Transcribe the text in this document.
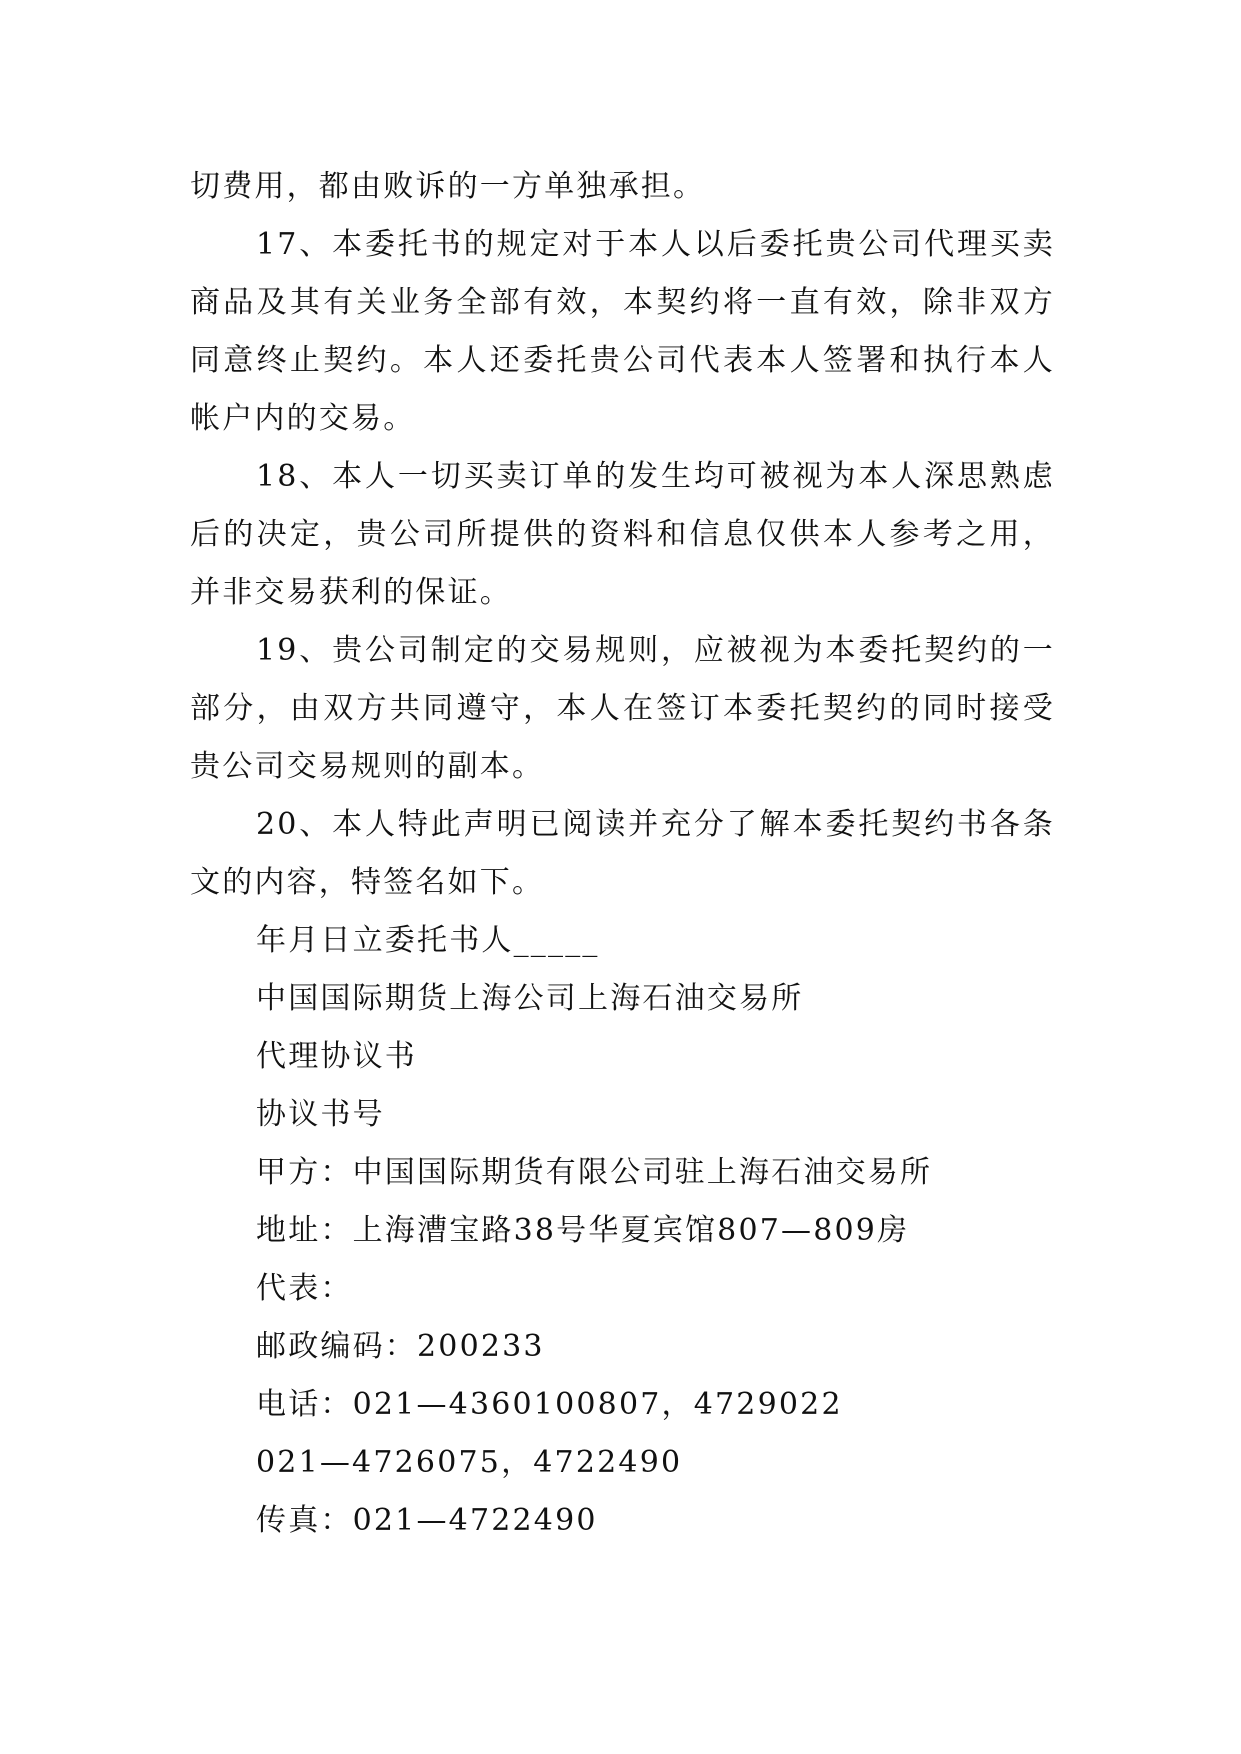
切费用，都由败诉的一方单独承担。

17、本委托书的规定对于本人以后委托贵公司代理买卖商品及其有关业务全部有效，本契约将一直有效，除非双方同意终止契约。本人还委托贵公司代表本人签署和执行本人帐户内的交易。

18、本人一切买卖订单的发生均可被视为本人深思熟虑后的决定，贵公司所提供的资料和信息仅供本人参考之用，并非交易获利的保证。

19、贵公司制定的交易规则，应被视为本委托契约的一部分，由双方共同遵守，本人在签订本委托契约的同时接受贵公司交易规则的副本。

20、本人特此声明已阅读并充分了解本委托契约书各条文的内容，特签名如下。

年月日立委托书人_____

中国国际期货上海公司上海石油交易所

代理协议书

协议书号

甲方：中国国际期货有限公司驻上海石油交易所

地址：上海漕宝路38号华夏宾馆807—809房

代表：

邮政编码：200233

电话：021—4360100807，4729022

021—4726075，4722490

传真：021—4722490
